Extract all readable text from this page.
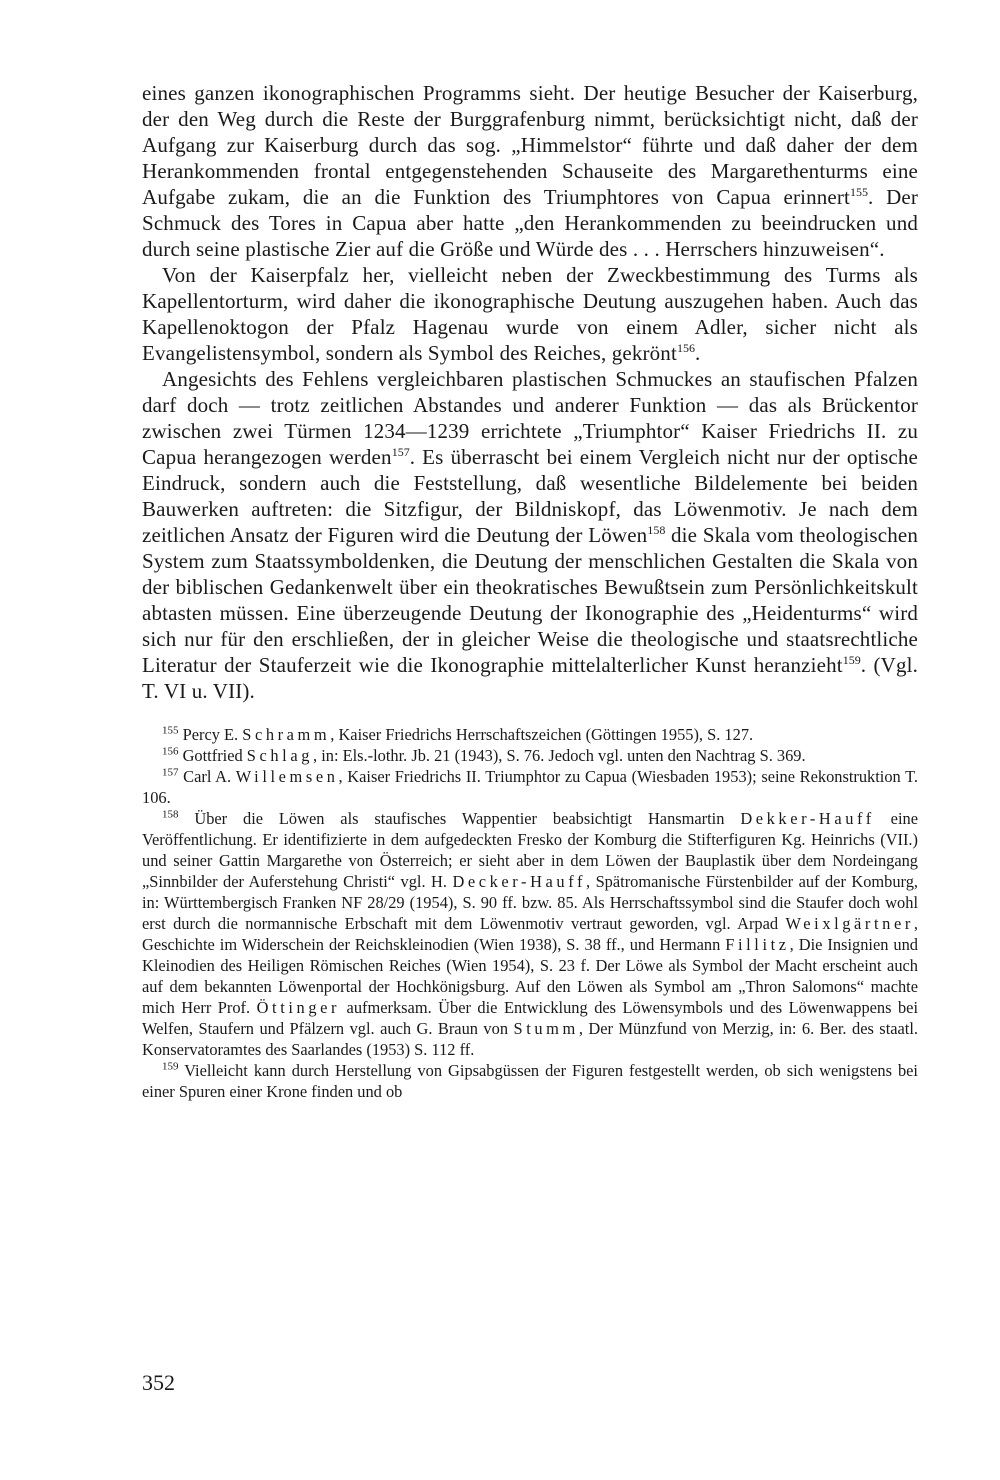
eines ganzen ikonographischen Programms sieht. Der heutige Besucher der Kaiserburg, der den Weg durch die Reste der Burggrafenburg nimmt, berücksichtigt nicht, daß der Aufgang zur Kaiserburg durch das sog. „Himmelstor“ führte und daß daher der dem Herankommenden frontal entgegenstehenden Schauseite des Margarethenturms eine Aufgabe zukam, die an die Funktion des Triumphtores von Capua erinnert$^{155}$. Der Schmuck des Tores in Capua aber hatte „den Herankommenden zu beeindrucken und durch seine plastische Zier auf die Größe und Würde des . . . Herrschers hinzuweisen“.

Von der Kaiserpfalz her, vielleicht neben der Zweckbestimmung des Turms als Kapellentorturm, wird daher die ikonographische Deutung auszugehen haben. Auch das Kapellenoktogon der Pfalz Hagenau wurde von einem Adler, sicher nicht als Evangelistensymbol, sondern als Symbol des Reiches, gekrönt$^{156}$.

Angesichts des Fehlens vergleichbaren plastischen Schmuckes an staufischen Pfalzen darf doch — trotz zeitlichen Abstandes und anderer Funktion — das als Brückentor zwischen zwei Türmen 1234—1239 errichtete „Triumphtor“ Kaiser Friedrichs II. zu Capua herangezogen werden$^{157}$. Es überrascht bei einem Vergleich nicht nur der optische Eindruck, sondern auch die Feststellung, daß wesentliche Bildelemente bei beiden Bauwerken auftreten: die Sitzfigur, der Bildniskopf, das Löwenmotiv. Je nach dem zeitlichen Ansatz der Figuren wird die Deutung der Löwen$^{158}$ die Skala vom theologischen System zum Staatssymboldenken, die Deutung der menschlichen Gestalten die Skala von der biblischen Gedankenwelt über ein theokratisches Bewußtsein zum Persönlichkeitskult abtasten müssen. Eine überzeugende Deutung der Ikonographie des „Heidenturms“ wird sich nur für den erschließen, der in gleicher Weise die theologische und staatsrechtliche Literatur der Stauferzeit wie die Ikonographie mittelalterlicher Kunst heranzieht$^{159}$. (Vgl. T. VI u. VII).

$^{155}$ Percy E. Schramm, Kaiser Friedrichs Herrschaftszeichen (Göttingen 1955), S. 127.

$^{156}$ Gottfried Schlag, in: Els.-lothr. Jb. 21 (1943), S. 76. Jedoch vgl. unten den Nachtrag S. 369.

$^{157}$ Carl A. Willemsen, Kaiser Friedrichs II. Triumphtor zu Capua (Wiesbaden 1953); seine Rekonstruktion T. 106.

$^{158}$ Über die Löwen als staufisches Wappentier beabsichtigt Hansmartin Dekker-Hauff eine Veröffentlichung. Er identifizierte in dem aufgedeckten Fresko der Komburg die Stifterfiguren Kg. Heinrichs (VII.) und seiner Gattin Margarethe von Österreich; er sieht aber in dem Löwen der Bauplastik über dem Nordeingang „Sinnbilder der Auferstehung Christi“ vgl. H. Decker-Hauff, Spätromanische Fürstenbilder auf der Komburg, in: Württembergisch Franken NF 28/29 (1954), S. 90 ff. bzw. 85. Als Herrschaftssymbol sind die Staufer doch wohl erst durch die normannische Erbschaft mit dem Löwenmotiv vertraut geworden, vgl. Arpad Weixlgärtner, Geschichte im Widerschein der Reichskleinodien (Wien 1938), S. 38 ff., und Hermann Fillitz, Die Insignien und Kleinodien des Heiligen Römischen Reiches (Wien 1954), S. 23 f. Der Löwe als Symbol der Macht erscheint auch auf dem bekannten Löwenportal der Hochkönigsburg. Auf den Löwen als Symbol am „Thron Salomons“ machte mich Herr Prof. Öttinger aufmerksam. Über die Entwicklung des Löwensymbols und des Löwenwappens bei Welfen, Staufern und Pfälzern vgl. auch G. Braun von Stumm, Der Münzfund von Merzig, in: 6. Ber. des staatl. Konservatoramtes des Saarlandes (1953) S. 112 ff.

$^{159}$ Vielleicht kann durch Herstellung von Gipsabgüssen der Figuren festgestellt werden, ob sich wenigstens bei einer Spuren einer Krone finden und ob

352
